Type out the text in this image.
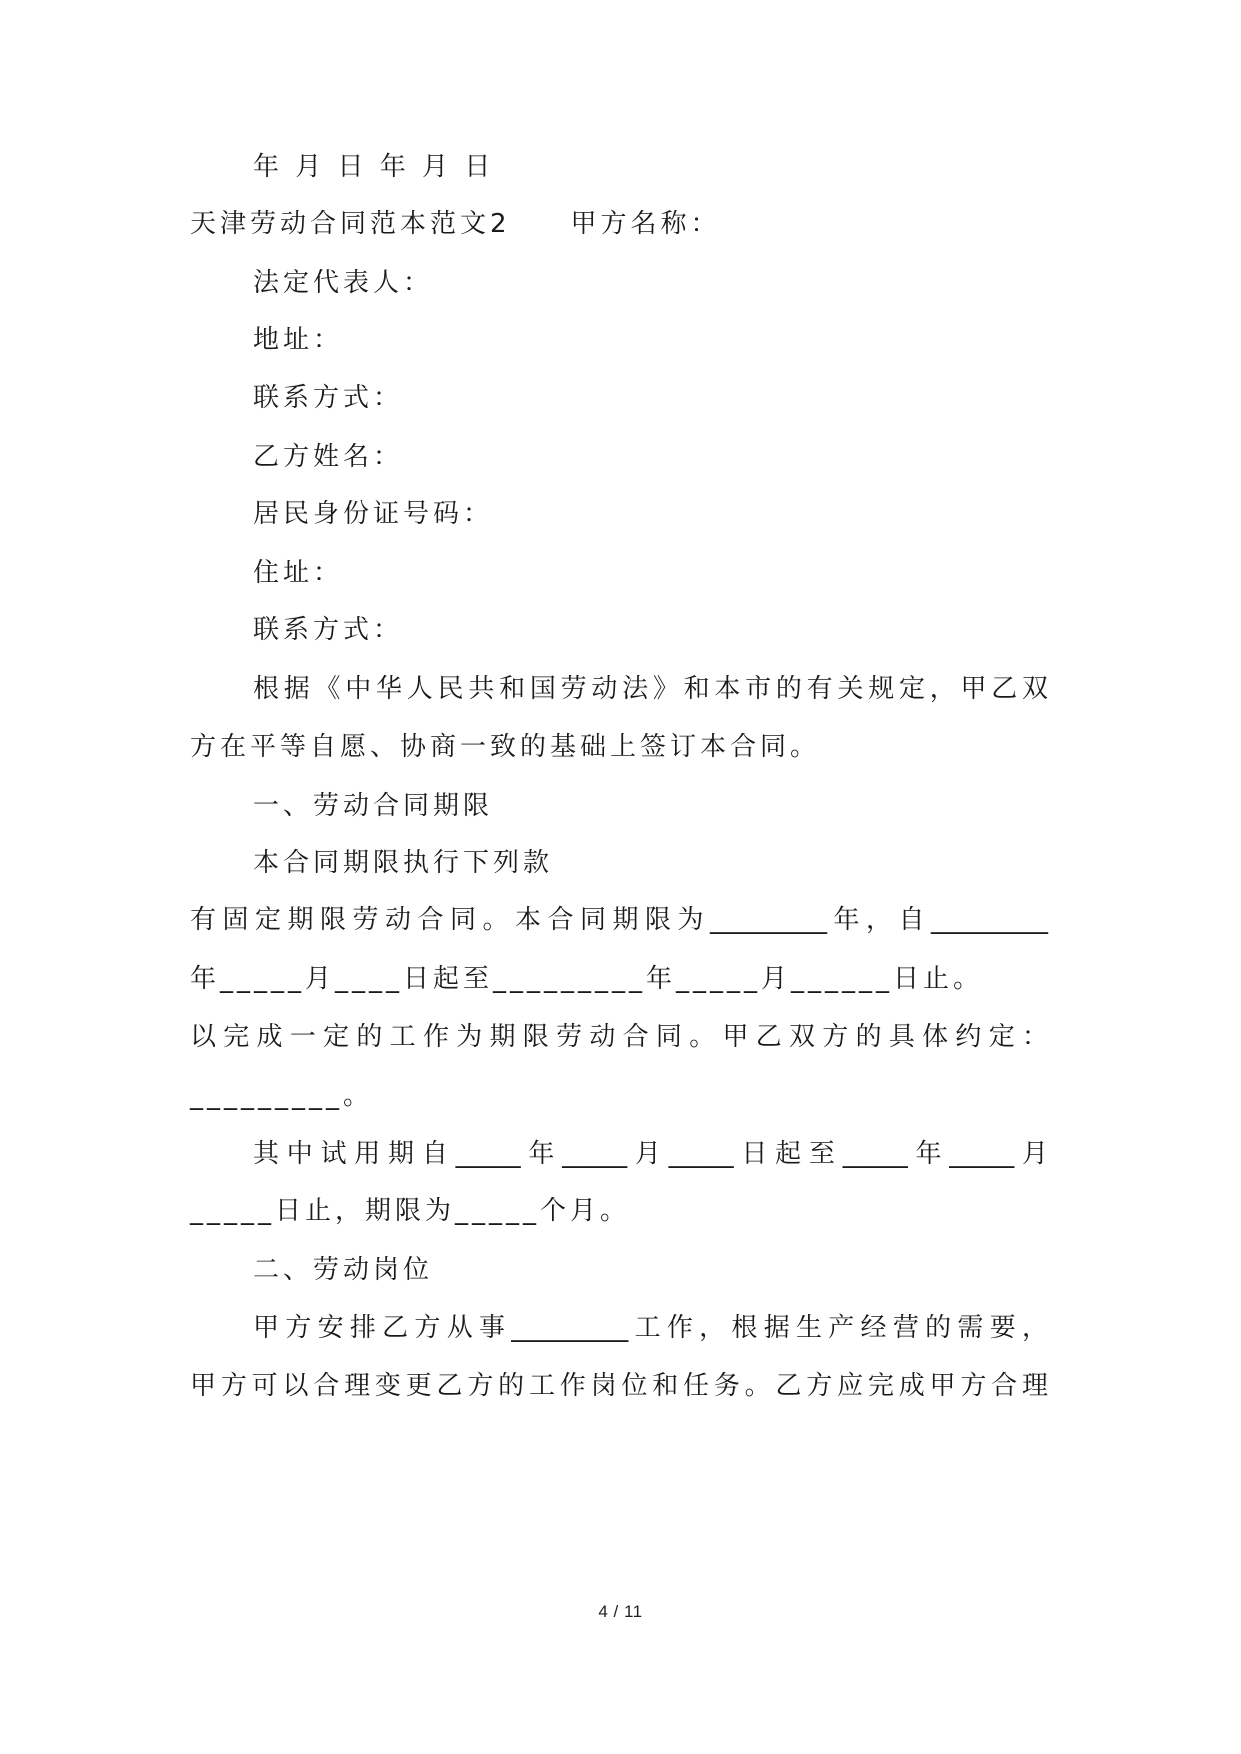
年 月 日 年 月 日
天津劳动合同范本范文2　　甲方名称：
法定代表人：
地址：
联系方式：
乙方姓名：
居民身份证号码：
住址：
联系方式：
根据《中华人民共和国劳动法》和本市的有关规定，甲乙双
方在平等自愿、协商一致的基础上签订本合同。
一、劳动合同期限
本合同期限执行下列款
有固定期限劳动合同。本合同期限为_________年，自_________
年_____月____日起至_________年_____月______日止。
以完成一定的工作为期限劳动合同。甲乙双方的具体约定：
_________。
其中试用期自_____年_____月_____日起至_____年_____月
_____日止，期限为_____个月。
二、劳动岗位
甲方安排乙方从事_________工作，根据生产经营的需要，
甲方可以合理变更乙方的工作岗位和任务。乙方应完成甲方合理
4 / 11
